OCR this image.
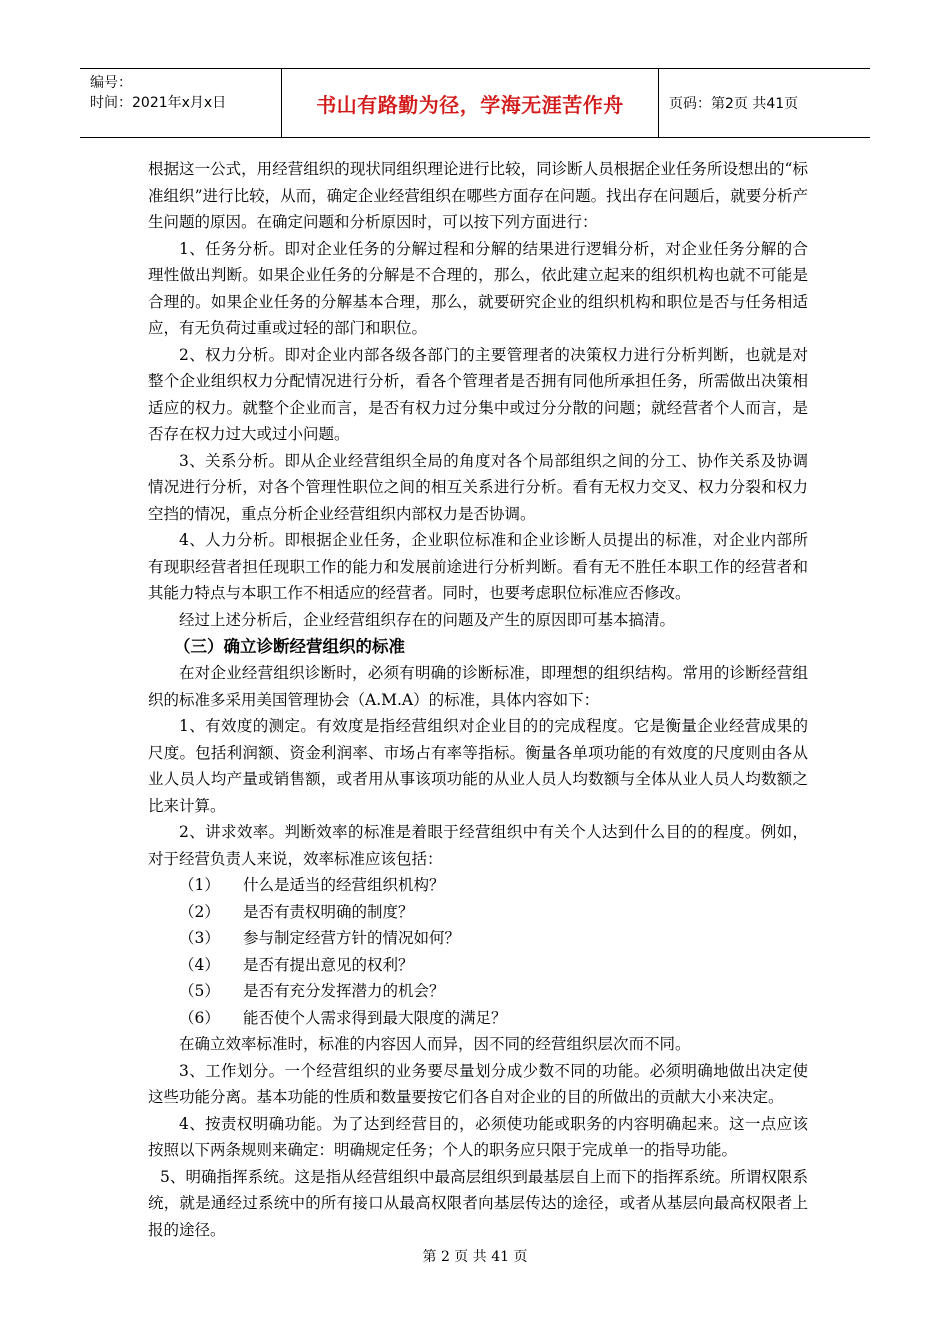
编号：
时间：2021年x月x日	书山有路勤为径，学海无涯苦作舟	页码：第2页 共41页

根据这一公式，用经营组织的现状同组织理论进行比较，同诊断人员根据企业任务所设想出的“标准组织”进行比较，从而，确定企业经营组织在哪些方面存在问题。找出存在问题后，就要分析产生问题的原因。在确定问题和分析原因时，可以按下列方面进行：

1、任务分析。即对企业任务的分解过程和分解的结果进行逻辑分析，对企业任务分解的合理性做出判断。如果企业任务的分解是不合理的，那么，依此建立起来的组织机构也就不可能是合理的。如果企业任务的分解基本合理，那么，就要研究企业的组织机构和职位是否与任务相适应，有无负荷过重或过轻的部门和职位。

2、权力分析。即对企业内部各级各部门的主要管理者的决策权力进行分析判断，也就是对整个企业组织权力分配情况进行分析，看各个管理者是否拥有同他所承担任务，所需做出决策相适应的权力。就整个企业而言，是否有权力过分集中或过分分散的问题；就经营者个人而言，是否存在权力过大或过小问题。

3、关系分析。即从企业经营组织全局的角度对各个局部组织之间的分工、协作关系及协调情况进行分析，对各个管理性职位之间的相互关系进行分析。看有无权力交叉、权力分裂和权力空挡的情况，重点分析企业经营组织内部权力是否协调。

4、人力分析。即根据企业任务，企业职位标准和企业诊断人员提出的标准，对企业内部所有现职经营者担任现职工作的能力和发展前途进行分析判断。看有无不胜任本职工作的经营者和其能力特点与本职工作不相适应的经营者。同时，也要考虑职位标准应否修改。

经过上述分析后，企业经营组织存在的问题及产生的原因即可基本搞清。

（三）确立诊断经营组织的标准

在对企业经营组织诊断时，必须有明确的诊断标准，即理想的组织结构。常用的诊断经营组织的标准多采用美国管理协会（A.M.A）的标准，具体内容如下：

1、有效度的测定。有效度是指经营组织对企业目的的完成程度。它是衡量企业经营成果的尺度。包括利润额、资金利润率、市场占有率等指标。衡量各单项功能的有效度的尺度则由各从业人员人均产量或销售额，或者用从事该项功能的从业人员人均数额与全体从业人员人均数额之比来计算。

2、讲求效率。判断效率的标准是着眼于经营组织中有关个人达到什么目的的程度。例如，对于经营负责人来说，效率标准应该包括：

（1）	什么是适当的经营组织机构？
（2）	是否有责权明确的制度？
（3）	参与制定经营方针的情况如何？
（4）	是否有提出意见的权利？
（5）	是否有充分发挥潜力的机会？
（6）	能否使个人需求得到最大限度的满足？

在确立效率标准时，标准的内容因人而异，因不同的经营组织层次而不同。

3、工作划分。一个经营组织的业务要尽量划分成少数不同的功能。必须明确地做出决定使这些功能分离。基本功能的性质和数量要按它们各自对企业的目的所做出的贡献大小来决定。

4、按责权明确功能。为了达到经营目的，必须使功能或职务的内容明确起来。这一点应该按照以下两条规则来确定：明确规定任务；个人的职务应只限于完成单一的指导功能。

5、明确指挥系统。这是指从经营组织中最高层组织到最基层自上而下的指挥系统。所谓权限系统，就是通经过系统中的所有接口从最高权限者向基层传达的途径，或者从基层向最高权限者上报的途径。

第 2 页 共 41 页
